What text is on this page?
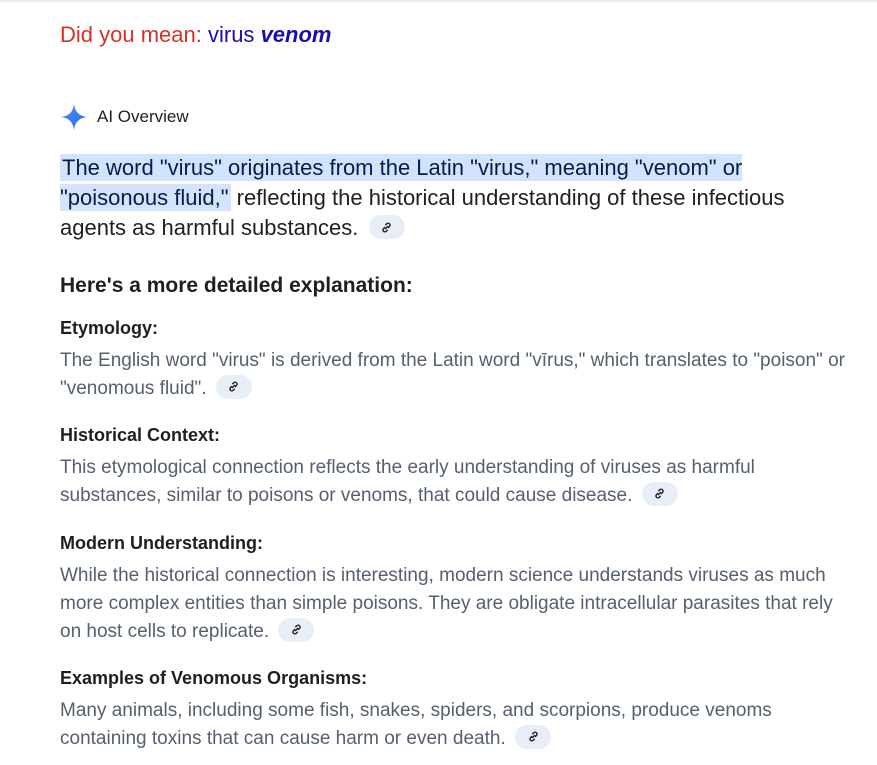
Did you mean: virus venom
AI Overview

The word "virus" originates from the Latin "virus," meaning "venom" or "poisonous fluid," reflecting the historical understanding of these infectious agents as harmful substances.

Here's a more detailed explanation:

Etymology:

The English word "virus" is derived from the Latin word "vīrus," which translates to "poison" or "venomous fluid".

Historical Context:

This etymological connection reflects the early understanding of viruses as harmful substances, similar to poisons or venoms, that could cause disease.

Modern Understanding:

While the historical connection is interesting, modern science understands viruses as much more complex entities than simple poisons. They are obligate intracellular parasites that rely on host cells to replicate.

Examples of Venomous Organisms:

Many animals, including some fish, snakes, spiders, and scorpions, produce venoms containing toxins that can cause harm or even death.
